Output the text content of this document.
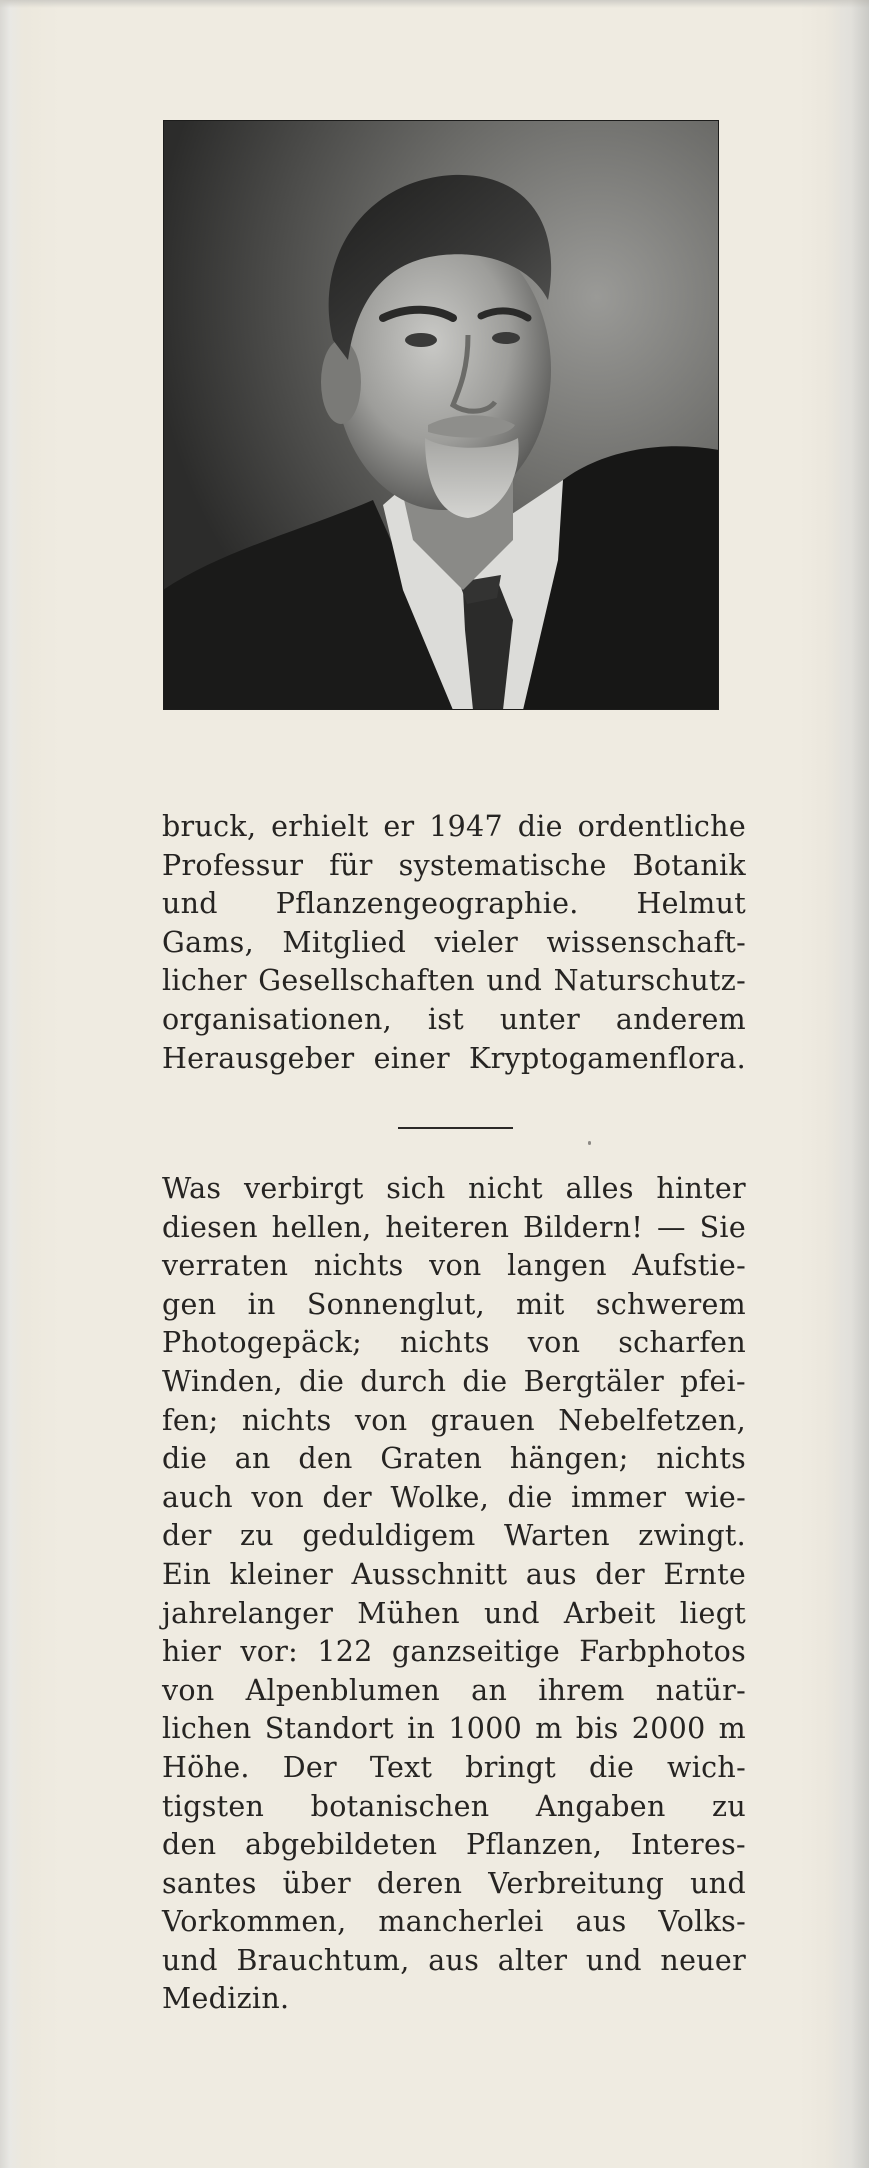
bruck, erhielt er 1947 die ordentliche
Professur für systematische Botanik
und Pflanzengeographie. Helmut
Gams, Mitglied vieler wissenschaft-
licher Gesellschaften und Naturschutz-
organisationen, ist unter anderem
Herausgeber einer Kryptogamenflora.
Was verbirgt sich nicht alles hinter
diesen hellen, heiteren Bildern! — Sie
verraten nichts von langen Aufstie-
gen in Sonnenglut, mit schwerem
Photogepäck; nichts von scharfen
Winden, die durch die Bergtäler pfei-
fen; nichts von grauen Nebelfetzen,
die an den Graten hängen; nichts
auch von der Wolke, die immer wie-
der zu geduldigem Warten zwingt.
Ein kleiner Ausschnitt aus der Ernte
jahrelanger Mühen und Arbeit liegt
hier vor: 122 ganzseitige Farbphotos
von Alpenblumen an ihrem natür-
lichen Standort in 1000 m bis 2000 m
Höhe. Der Text bringt die wich-
tigsten botanischen Angaben zu
den abgebildeten Pflanzen, Interes-
santes über deren Verbreitung und
Vorkommen, mancherlei aus Volks-
und Brauchtum, aus alter und neuer
Medizin.
